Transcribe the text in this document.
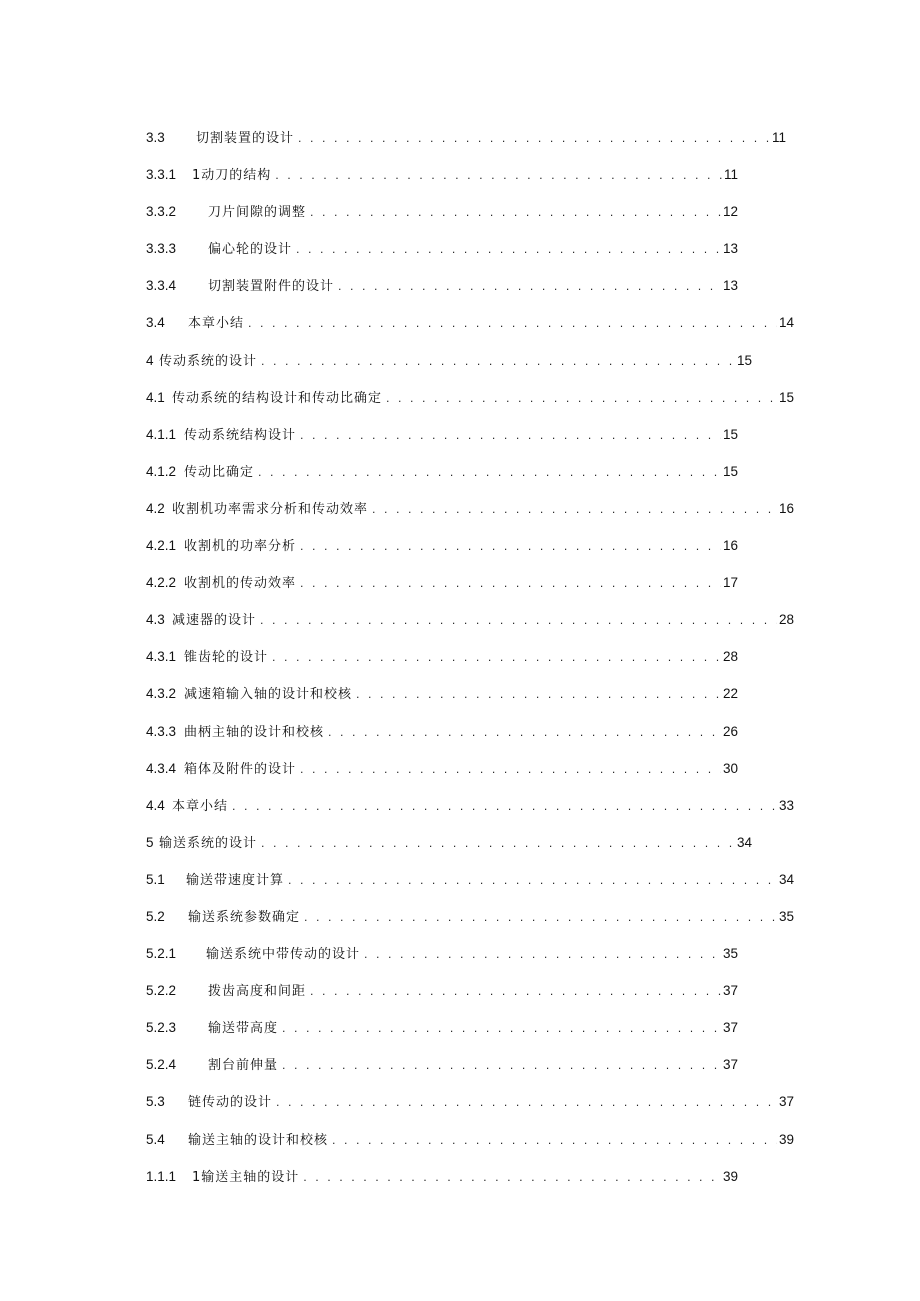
3.3	切割装置的设计 . . .	11
3.3.1	1动刀的结构 . . .	11
3.3.2	刀片间隙的调整 . . .	12
3.3.3	偏心轮的设计 . . .	13
3.3.4	切割装置附件的设计 . . .	13
3.4	本章小结 . . .	14
4 传动系统的设计 . . .	15
4.1 传动系统的结构设计和传动比确定 . . .	15
4.1.1 传动系统结构设计 . . .	15
4.1.2 传动比确定 . . .	15
4.2 收割机功率需求分析和传动效率 . . .	16
4.2.1 收割机的功率分析 . . .	16
4.2.2 收割机的传动效率 . . .	17
4.3 减速器的设计 . . .	28
4.3.1 锥齿轮的设计 . . .	28
4.3.2 减速箱输入轴的设计和校核 . . .	22
4.3.3 曲柄主轴的设计和校核 . . .	26
4.3.4 箱体及附件的设计 . . .	30
4.4 本章小结 . . .	33
5 输送系统的设计 . . .	34
5.1	输送带速度计算 . . .	34
5.2	输送系统参数确定 . . .	35
5.2.1	输送系统中带传动的设计 . . .	35
5.2.2	拨齿高度和间距 . . .	37
5.2.3	输送带高度 . . .	37
5.2.4	割台前伸量 . . .	37
5.3	链传动的设计 . . .	37
5.4	输送主轴的设计和校核 . . .	39
1.1.1	1输送主轴的设计 . . .	39
